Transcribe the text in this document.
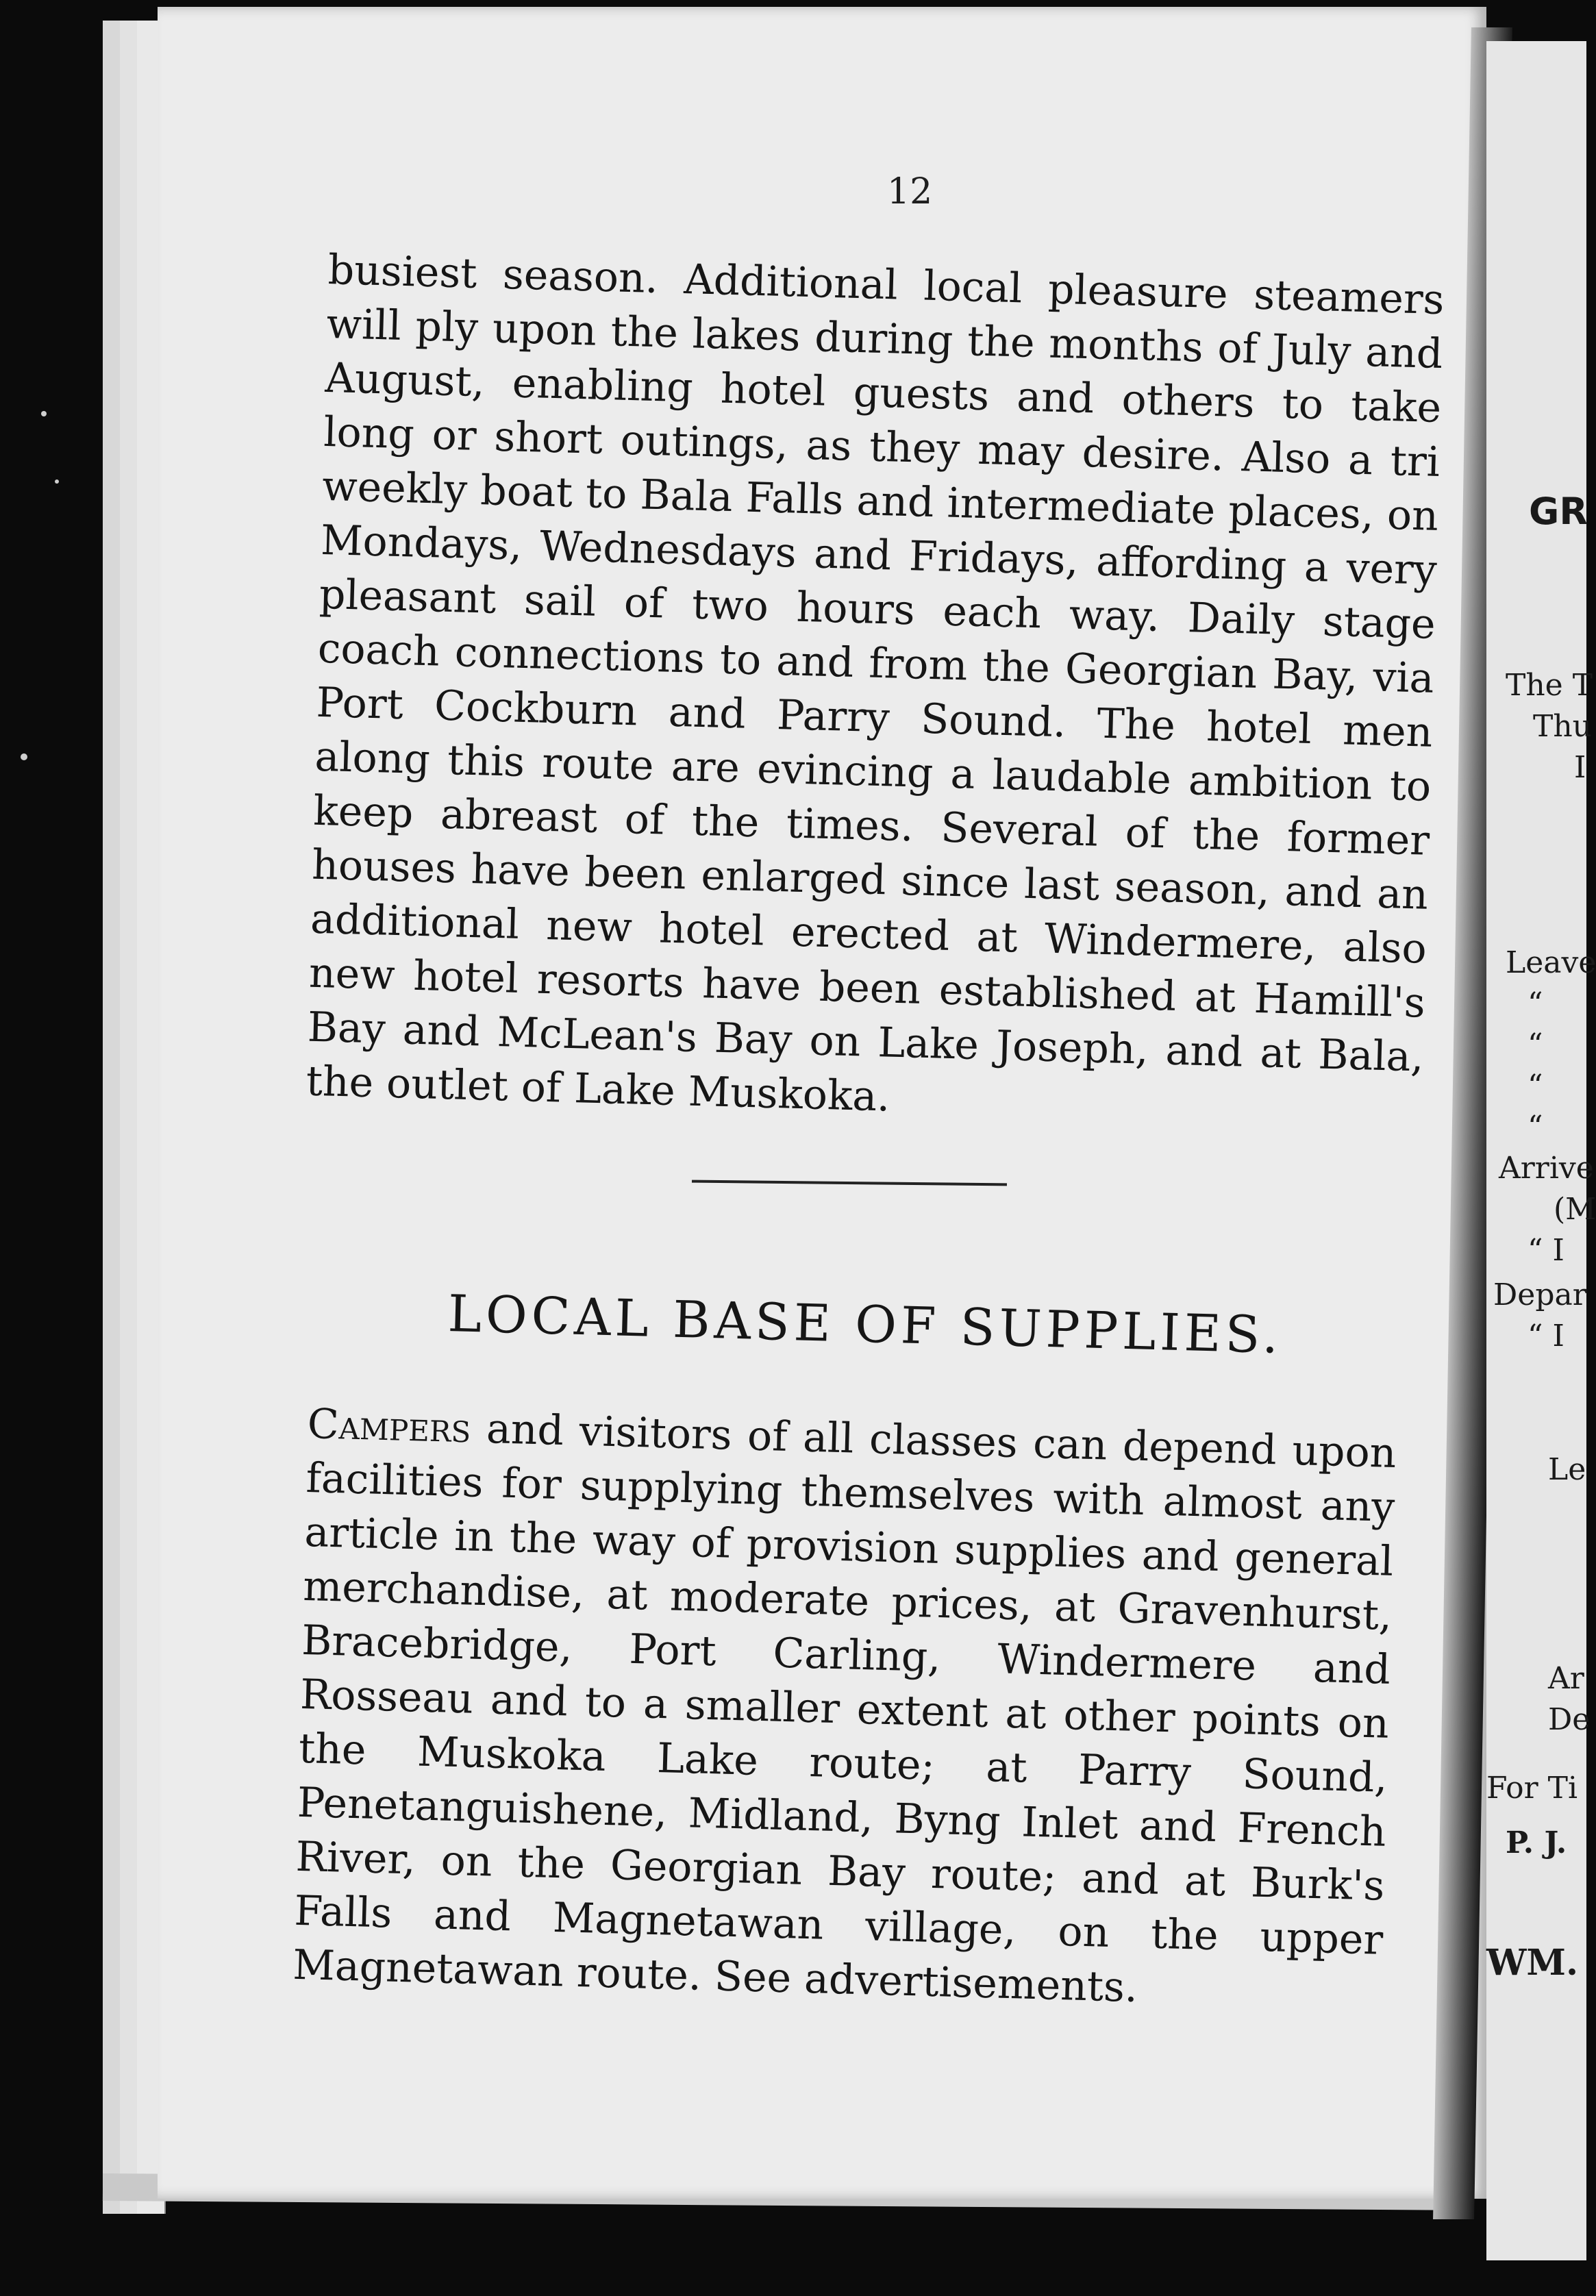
12

busiest season. Additional local pleasure steamers will ply upon the lakes during the months of July and August, enabling hotel guests and others to take long or short outings, as they may desire. Also a tri weekly boat to Bala Falls and intermediate places, on Mondays, Wednesdays and Fridays, affording a very pleasant sail of two hours each way. Daily stage coach connections to and from the Georgian Bay, via Port Cockburn and Parry Sound. The hotel men along this route are evincing a laudable ambition to keep abreast of the times. Several of the former houses have been enlarged since last season, and an additional new hotel erected at Windermere, also new hotel resorts have been established at Hamill's Bay and McLean's Bay on Lake Joseph, and at Bala, the outlet of Lake Muskoka.

LOCAL BASE OF SUPPLIES.

Campers and visitors of all classes can depend upon facilities for supplying themselves with almost any article in the way of provision supplies and general merchandise, at moderate prices, at Gravenhurst, Bracebridge, Port Carling, Windermere and Rosseau and to a smaller extent at other points on the Muskoka Lake route; at Parry Sound, Penetanguishene, Midland, Byng Inlet and French River, on the Georgian Bay route; and at Burk's Falls and Magnetawan village, on the upper Magnetawan route. See advertisements.

GR
The T
Thu
I
Leave
“
“
“
“
Arrive
(M
“ I
Depar
“ I
Le
Ar
De
For Ti
P. J.
WM.
